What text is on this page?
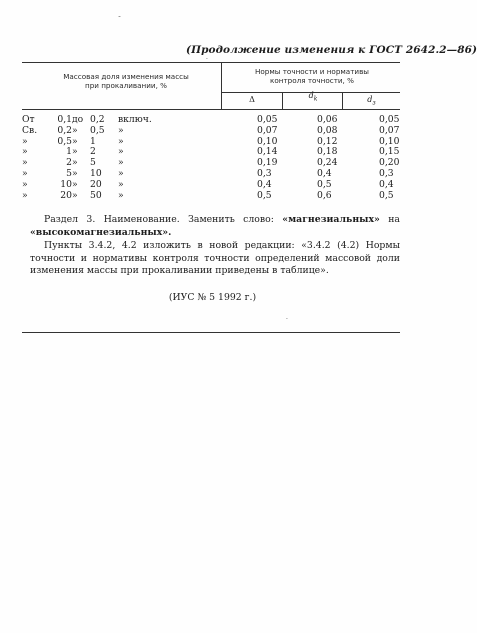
˘
(Продолжение изменения к ГОСТ 2642.2—86)
Массовая доля изменения массы при прокаливании, %
Нормы точности и нормативы контроля точности, %
Δ	$d_k$	$d_з$
От	0,1	до	0,2	включ.	0,05	0,06	0,05
Св.	0,2	»	0,5	»	0,07	0,08	0,07
»	0,5	»	1	»	0,10	0,12	0,10
»	1	»	2	»	0,14	0,18	0,15
»	2	»	5	»	0,19	0,24	0,20
»	5	»	10	»	0,3	0,4	0,3
»	10	»	20	»	0,4	0,5	0,4
»	20	»	50	»	0,5	0,6	0,5
Раздел 3. Наименование. Заменить слово: «магнезиальных» на «высокомагнезиальных».
Пункты 3.4.2, 4.2 изложить в новой редакции: «3.4.2 (4.2) Нормы точности и нормативы контроля точности определений массовой доли изменения массы при прокаливании приведены в таблице».
(ИУС № 5 1992 г.)
·
·
